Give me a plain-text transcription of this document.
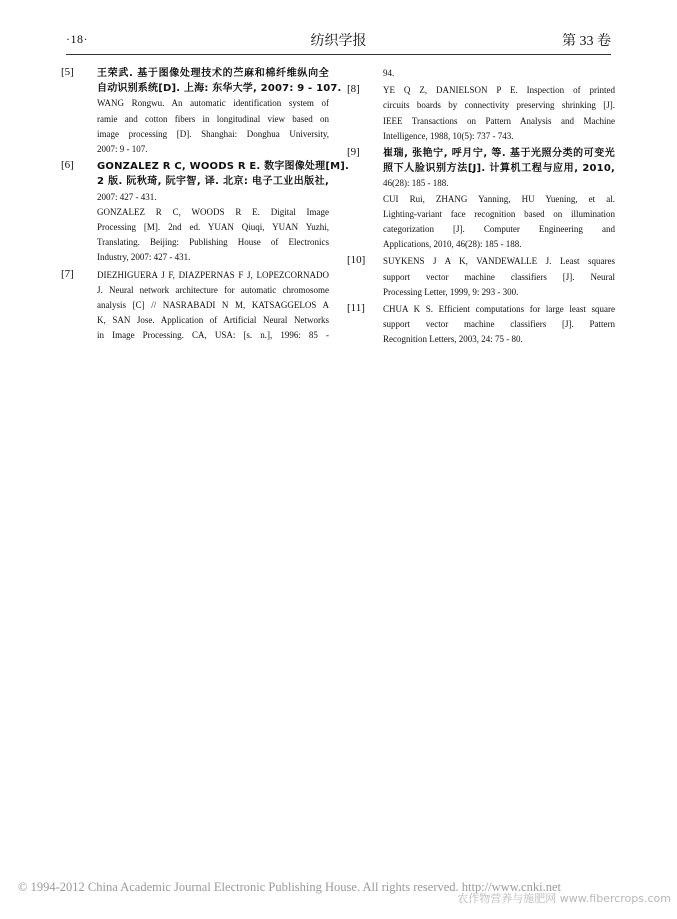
·18·	纺织学报	第 33 卷
[5]	王荣武. 基于图像处理技术的苎麻和棉纤维纵向全
自动识别系统[D]. 上海: 东华大学, 2007: 9 - 107.
WANG Rongwu. An automatic identification system of
ramie and cotton fibers in longitudinal view based on
image processing [D]. Shanghai: Donghua University,
2007: 9 - 107.
[6]	GONZALEZ R C, WOODS R E. 数字图像处理[M].
2 版. 阮秋琦, 阮宇智, 译. 北京: 电子工业出版社,
2007: 427 - 431.
GONZALEZ R C, WOODS R E. Digital Image
Processing [M]. 2nd ed. YUAN Qiuqi, YUAN Yuzhi,
Translating. Beijing: Publishing House of Electronics
Industry, 2007: 427 - 431.
[7]	DIEZHIGUERA J F, DIAZPERNAS F J, LOPEZCORNADO
J. Neural network architecture for automatic chromosome
analysis [C] // NASRABADI N M, KATSAGGELOS A
K, SAN Jose. Application of Artificial Neural Networks
in Image Processing. CA, USA: [s. n.], 1996: 85 -
94.
[8]	YE Q Z, DANIELSON P E. Inspection of printed
circuits boards by connectivity preserving shrinking [J].
IEEE Transactions on Pattern Analysis and Machine
Intelligence, 1988, 10(5): 737 - 743.
[9]	崔瑞, 张艳宁, 呼月宁, 等. 基于光照分类的可变光
照下人脸识别方法[J]. 计算机工程与应用, 2010,
46(28): 185 - 188.
CUI Rui, ZHANG Yanning, HU Yuening, et al.
Lighting-variant face recognition based on illumination
categorization [J]. Computer Engineering and
Applications, 2010, 46(28): 185 - 188.
[10]	SUYKENS J A K, VANDEWALLE J. Least squares
support vector machine classifiers [J]. Neural
Processing Letter, 1999, 9: 293 - 300.
[11]	CHUA K S. Efficient computations for large least square
support vector machine classifiers [J]. Pattern
Recognition Letters, 2003, 24: 75 - 80.
© 1994-2012 China Academic Journal Electronic Publishing House. All rights reserved. http://www.cnki.net
农作物营养与施肥网 www.fibercrops.com
